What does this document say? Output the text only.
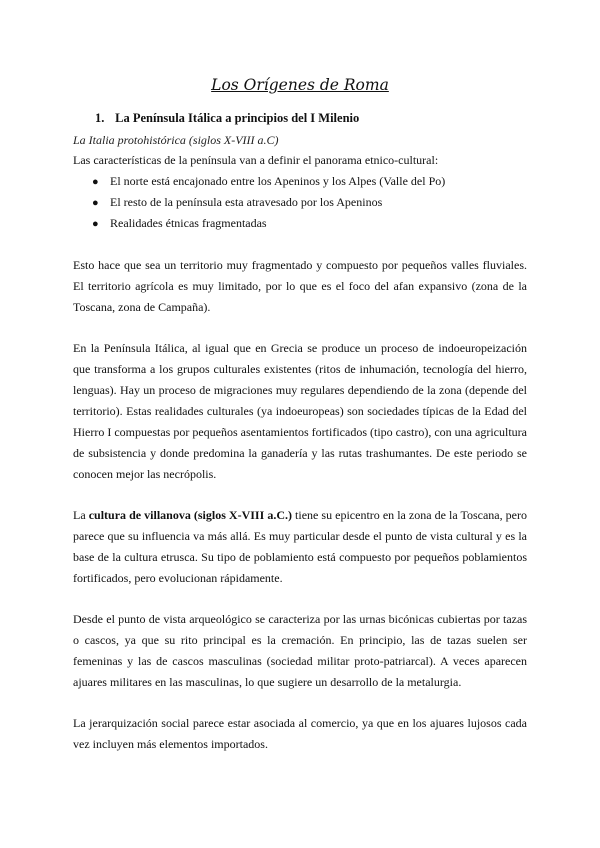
Los Orígenes de Roma
1. La Península Itálica a principios del I Milenio
La Italia protohistórica (siglos X-VIII a.C)
Las características de la península van a definir el panorama etnico-cultural:
● El norte está encajonado entre los Apeninos y los Alpes (Valle del Po)
● El resto de la península esta atravesado por los Apeninos
● Realidades étnicas fragmentadas
Esto hace que sea un territorio muy fragmentado y compuesto por pequeños valles fluviales. El territorio agrícola es muy limitado, por lo que es el foco del afan expansivo (zona de la Toscana, zona de Campaña).
En la Península Itálica, al igual que en Grecia se produce un proceso de indoeuropeización que transforma a los grupos culturales existentes (ritos de inhumación, tecnología del hierro, lenguas). Hay un proceso de migraciones muy regulares dependiendo de la zona (depende del territorio). Estas realidades culturales (ya indoeuropeas) son sociedades típicas de la Edad del Hierro I compuestas por pequeños asentamientos fortificados (tipo castro), con una agricultura de subsistencia y donde predomina la ganadería y las rutas trashumantes. De este periodo se conocen mejor las necrópolis.
La cultura de villanova (siglos X-VIII a.C.) tiene su epicentro en la zona de la Toscana, pero parece que su influencia va más allá. Es muy particular desde el punto de vista cultural y es la base de la cultura etrusca. Su tipo de poblamiento está compuesto por pequeños poblamientos fortificados, pero evolucionan rápidamente.
Desde el punto de vista arqueológico se caracteriza por las urnas bicónicas cubiertas por tazas o cascos, ya que su rito principal es la cremación. En principio, las de tazas suelen ser femeninas y las de cascos masculinas (sociedad militar proto-patriarcal). A veces aparecen ajuares militares en las masculinas, lo que sugiere un desarrollo de la metalurgia.
La jerarquización social parece estar asociada al comercio, ya que en los ajuares lujosos cada vez incluyen más elementos importados.
